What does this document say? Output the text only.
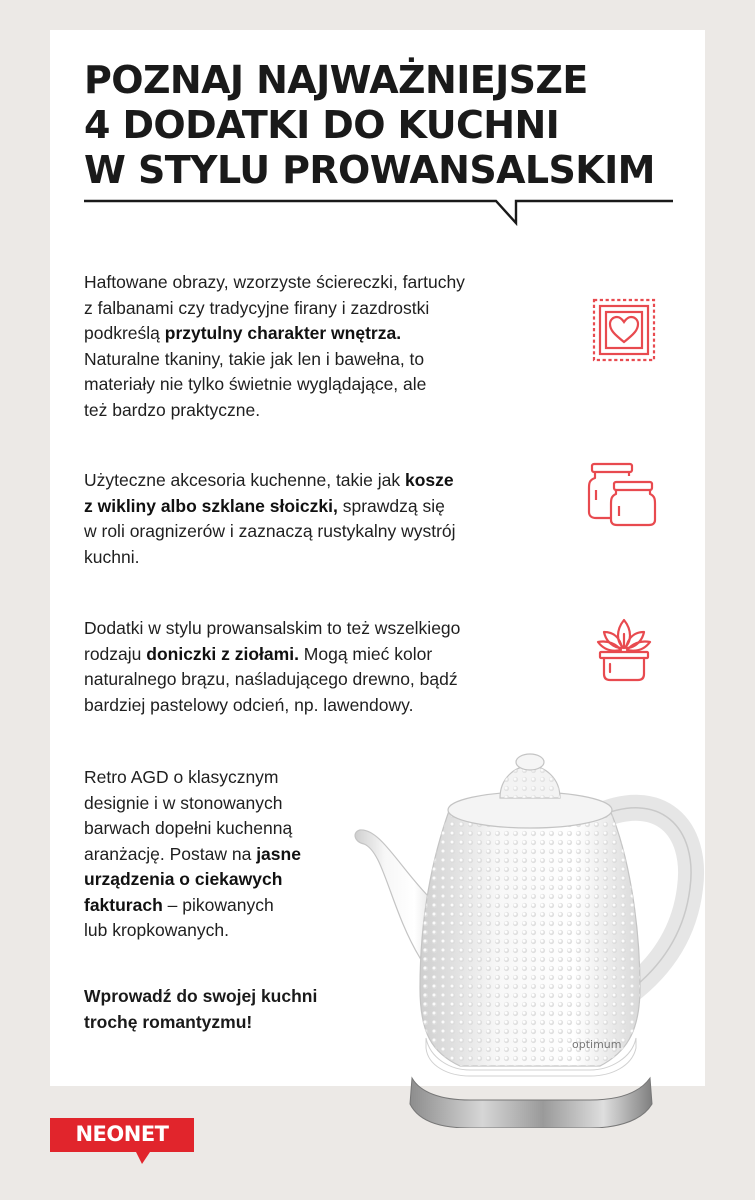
POZNAJ NAJWAŻNIEJSZE
4 DODATKI DO KUCHNI
W STYLU PROWANSALSKIM

Haftowane obrazy, wzorzyste ściereczki, fartuchy
z falbanami czy tradycyjne firany i zazdrostki
podkreślą przytulny charakter wnętrza.
Naturalne tkaniny, takie jak len i bawełna, to
materiały nie tylko świetnie wyglądające, ale
też bardzo praktyczne.

Użyteczne akcesoria kuchenne, takie jak kosze
z wikliny albo szklane słoiczki, sprawdzą się
w roli oragnizerów i zaznaczą rustykalny wystrój
kuchni.

Dodatki w stylu prowansalskim to też wszelkiego
rodzaju doniczki z ziołami. Mogą mieć kolor
naturalnego brązu, naśladującego drewno, bądź
bardziej pastelowy odcień, np. lawendowy.

Retro AGD o klasycznym
designie i w stonowanych
barwach dopełni kuchenną
aranżację. Postaw na jasne
urządzenia o ciekawych
fakturach – pikowanych
lub kropkowanych.

Wprowadź do swojej kuchni
trochę romantyzmu!

optimum
NEONET
